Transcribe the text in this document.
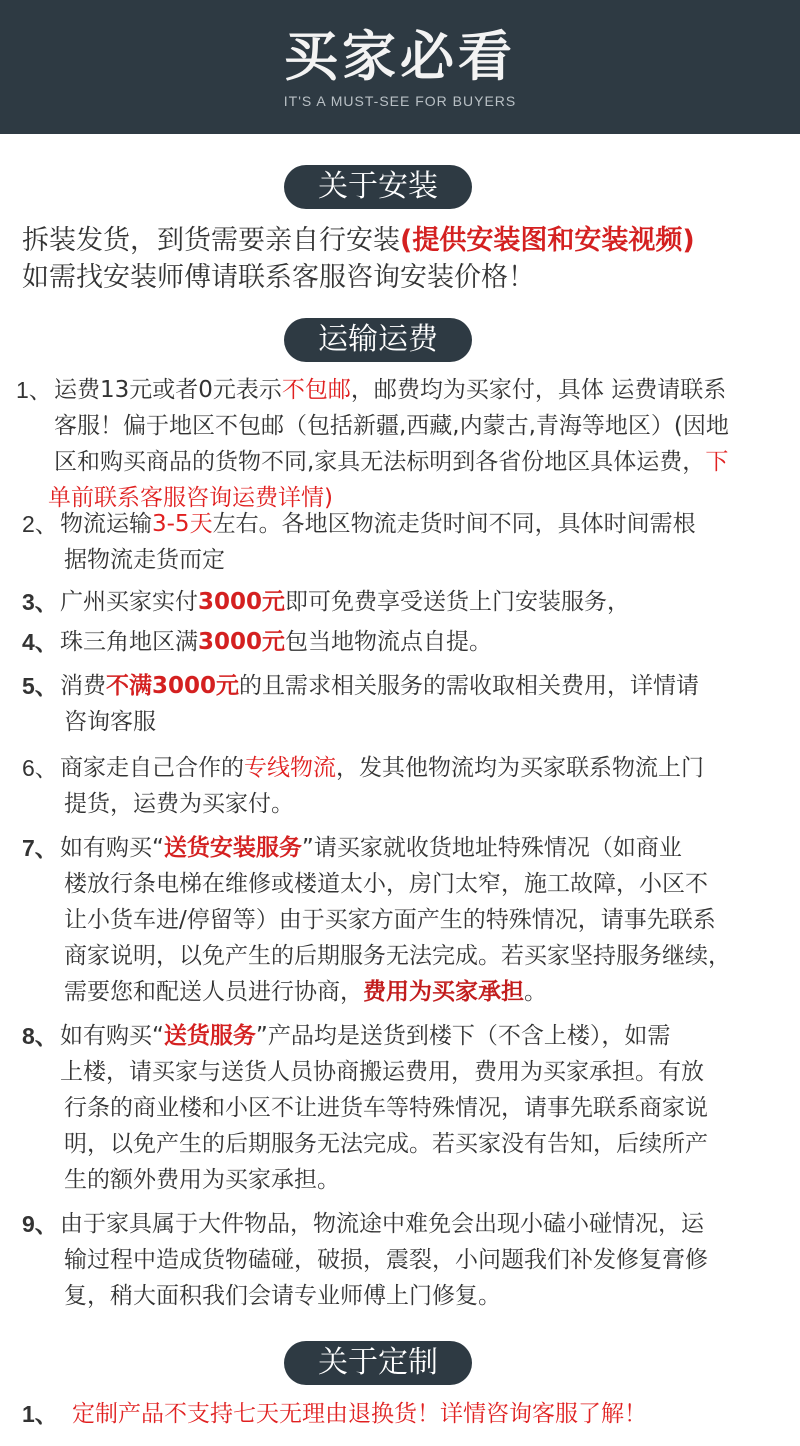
买家必看
IT'S A MUST-SEE FOR BUYERS
关于安装
拆装发货，到货需要亲自行安装(提供安装图和安装视频)
如需找安装师傅请联系客服咨询安装价格！
运输运费
1、 运费13元或者0元表示不包邮，邮费均为买家付，具体 运费请联系
客服！偏于地区不包邮（包括新疆,西藏,内蒙古,青海等地区）(因地
区和购买商品的货物不同,家具无法标明到各省份地区具体运费，下
单前联系客服咨询运费详情)
2、 物流运输3-5天左右。各地区物流走货时间不同，具体时间需根
据物流走货而定
3、 广州买家实付3000元即可免费享受送货上门安装服务，
4、 珠三角地区满3000元包当地物流点自提。
5、 消费不满3000元的且需求相关服务的需收取相关费用，详情请
咨询客服
6、 商家走自己合作的专线物流，发其他物流均为买家联系物流上门
提货，运费为买家付。
7、 如有购买“送货安装服务”请买家就收货地址特殊情况（如商业
楼放行条电梯在维修或楼道太小，房门太窄，施工故障，小区不
让小货车进/停留等）由于买家方面产生的特殊情况，请事先联系
商家说明，以免产生的后期服务无法完成。若买家坚持服务继续，
需要您和配送人员进行协商，费用为买家承担。
8、 如有购买“送货服务”产品均是送货到楼下（不含上楼），如需
上楼，请买家与送货人员协商搬运费用，费用为买家承担。有放
行条的商业楼和小区不让进货车等特殊情况，请事先联系商家说
明，以免产生的后期服务无法完成。若买家没有告知，后续所产
生的额外费用为买家承担。
9、 由于家具属于大件物品，物流途中难免会出现小磕小碰情况，运
输过程中造成货物磕碰，破损，震裂，小问题我们补发修复膏修
复，稍大面积我们会请专业师傅上门修复。
关于定制
1、 定制产品不支持七天无理由退换货！详情咨询客服了解！
